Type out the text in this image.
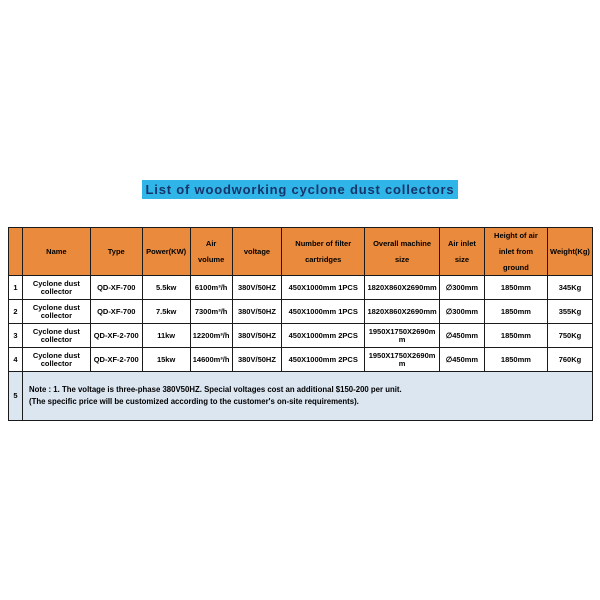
List of woodworking cyclone dust collectors
	Name	Type	Power(KW)	Air volume	voltage	Number of filter cartridges	Overall machine size	Air inlet size	Height of air inlet from ground	Weight(Kg)
1	Cyclone dust collector	QD-XF-700	5.5kw	6100m³/h	380V/50HZ	450X1000mm 1PCS	1820X860X2690mm	∅300mm	1850mm	345Kg
2	Cyclone dust collector	QD-XF-700	7.5kw	7300m³/h	380V/50HZ	450X1000mm 1PCS	1820X860X2690mm	∅300mm	1850mm	355Kg
3	Cyclone dust collector	QD-XF-2-700	11kw	12200m³/h	380V/50HZ	450X1000mm 2PCS	1950X1750X2690mm	∅450mm	1850mm	750Kg
4	Cyclone dust collector	QD-XF-2-700	15kw	14600m³/h	380V/50HZ	450X1000mm 2PCS	1950X1750X2690mm	∅450mm	1850mm	760Kg
5	Note : 1. The voltage is three-phase 380V50HZ. Special voltages cost an additional $150-200 per unit.
(The specific price will be customized according to the customer's on-site requirements).									
